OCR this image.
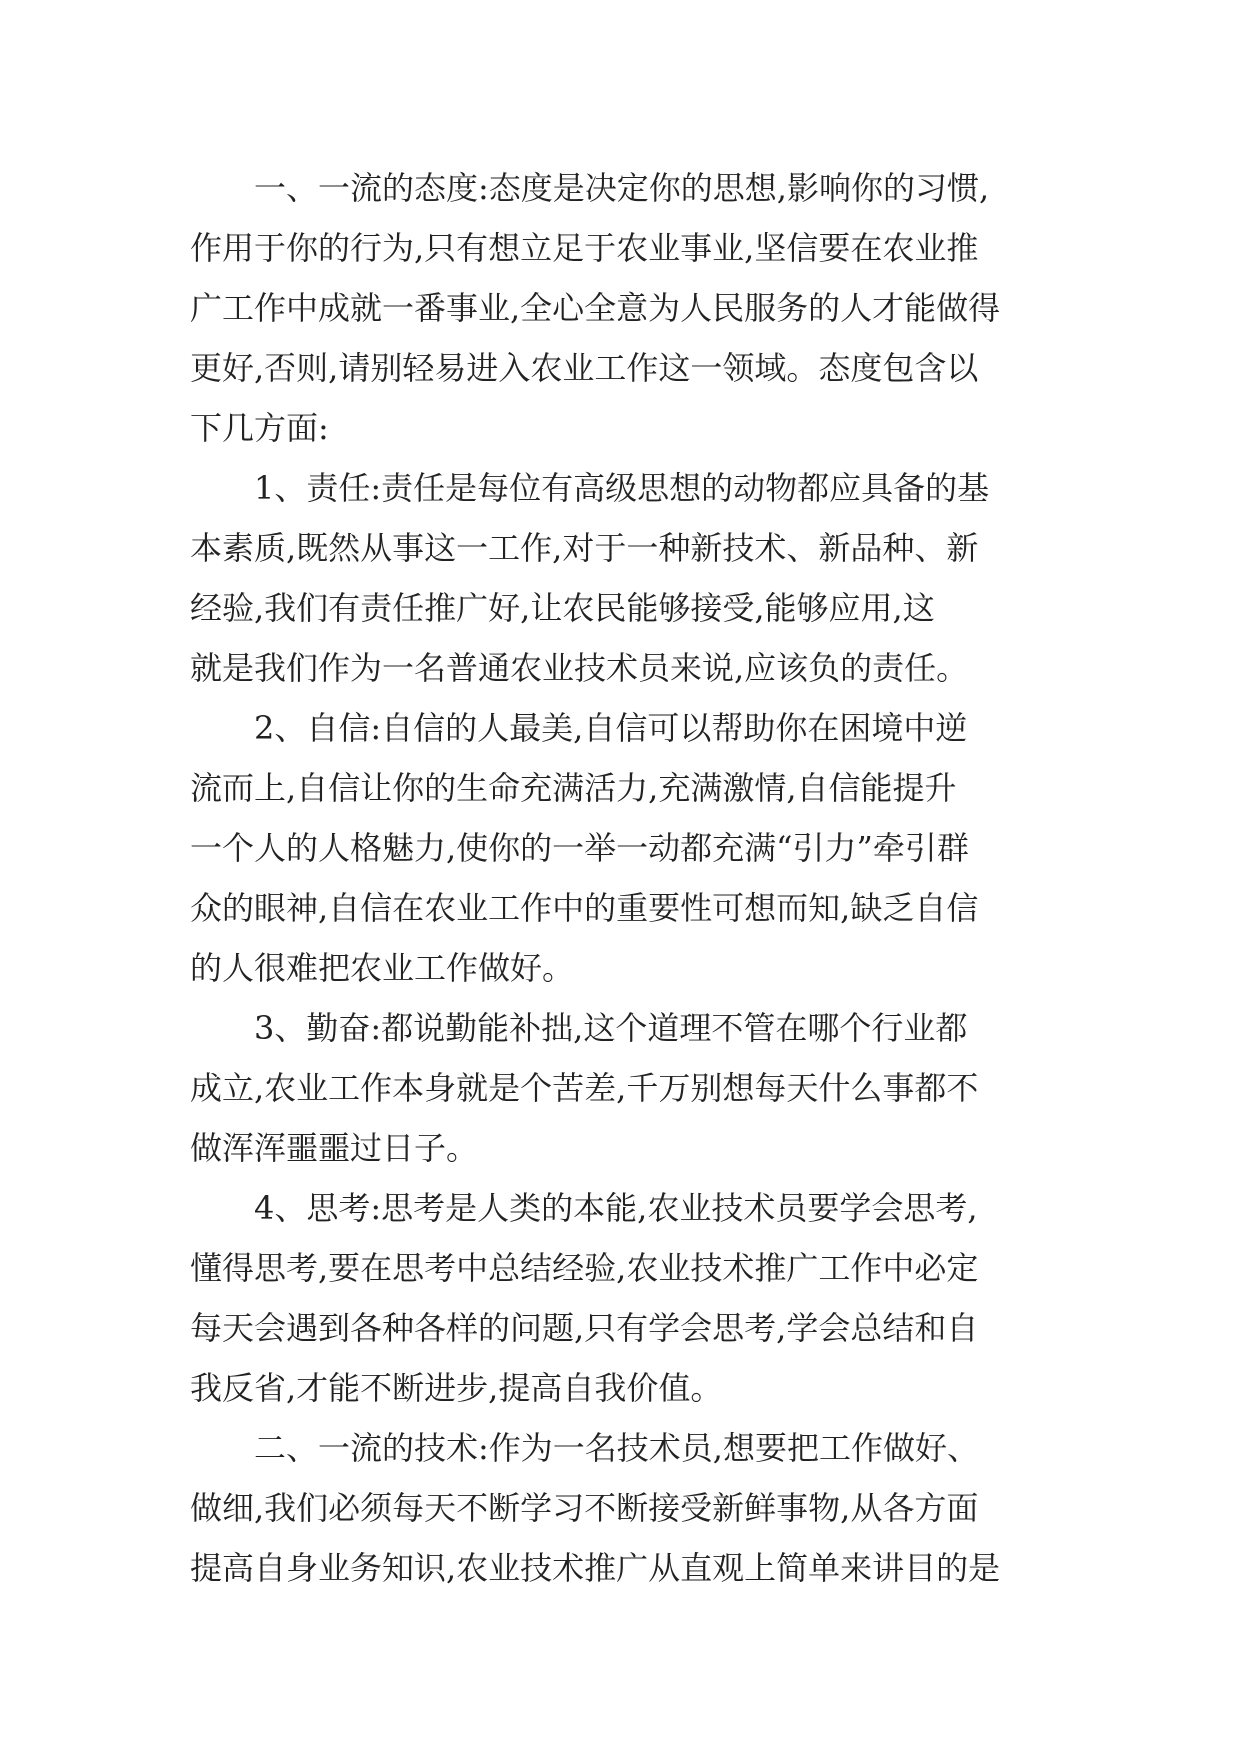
一、一流的态度:态度是决定你的思想,影响你的习惯,
作用于你的行为,只有想立足于农业事业,坚信要在农业推
广工作中成就一番事业,全心全意为人民服务的人才能做得
更好,否则,请别轻易进入农业工作这一领域。态度包含以
下几方面:
1、责任:责任是每位有高级思想的动物都应具备的基
本素质,既然从事这一工作,对于一种新技术、新品种、新
经验,我们有责任推广好,让农民能够接受,能够应用,这
就是我们作为一名普通农业技术员来说,应该负的责任。
2、自信:自信的人最美,自信可以帮助你在困境中逆
流而上,自信让你的生命充满活力,充满激情,自信能提升
一个人的人格魅力,使你的一举一动都充满“引力”牵引群
众的眼神,自信在农业工作中的重要性可想而知,缺乏自信
的人很难把农业工作做好。
3、勤奋:都说勤能补拙,这个道理不管在哪个行业都
成立,农业工作本身就是个苦差,千万别想每天什么事都不
做浑浑噩噩过日子。
4、思考:思考是人类的本能,农业技术员要学会思考,
懂得思考,要在思考中总结经验,农业技术推广工作中必定
每天会遇到各种各样的问题,只有学会思考,学会总结和自
我反省,才能不断进步,提高自我价值。
二、一流的技术:作为一名技术员,想要把工作做好、
做细,我们必须每天不断学习不断接受新鲜事物,从各方面
提高自身业务知识,农业技术推广从直观上简单来讲目的是
